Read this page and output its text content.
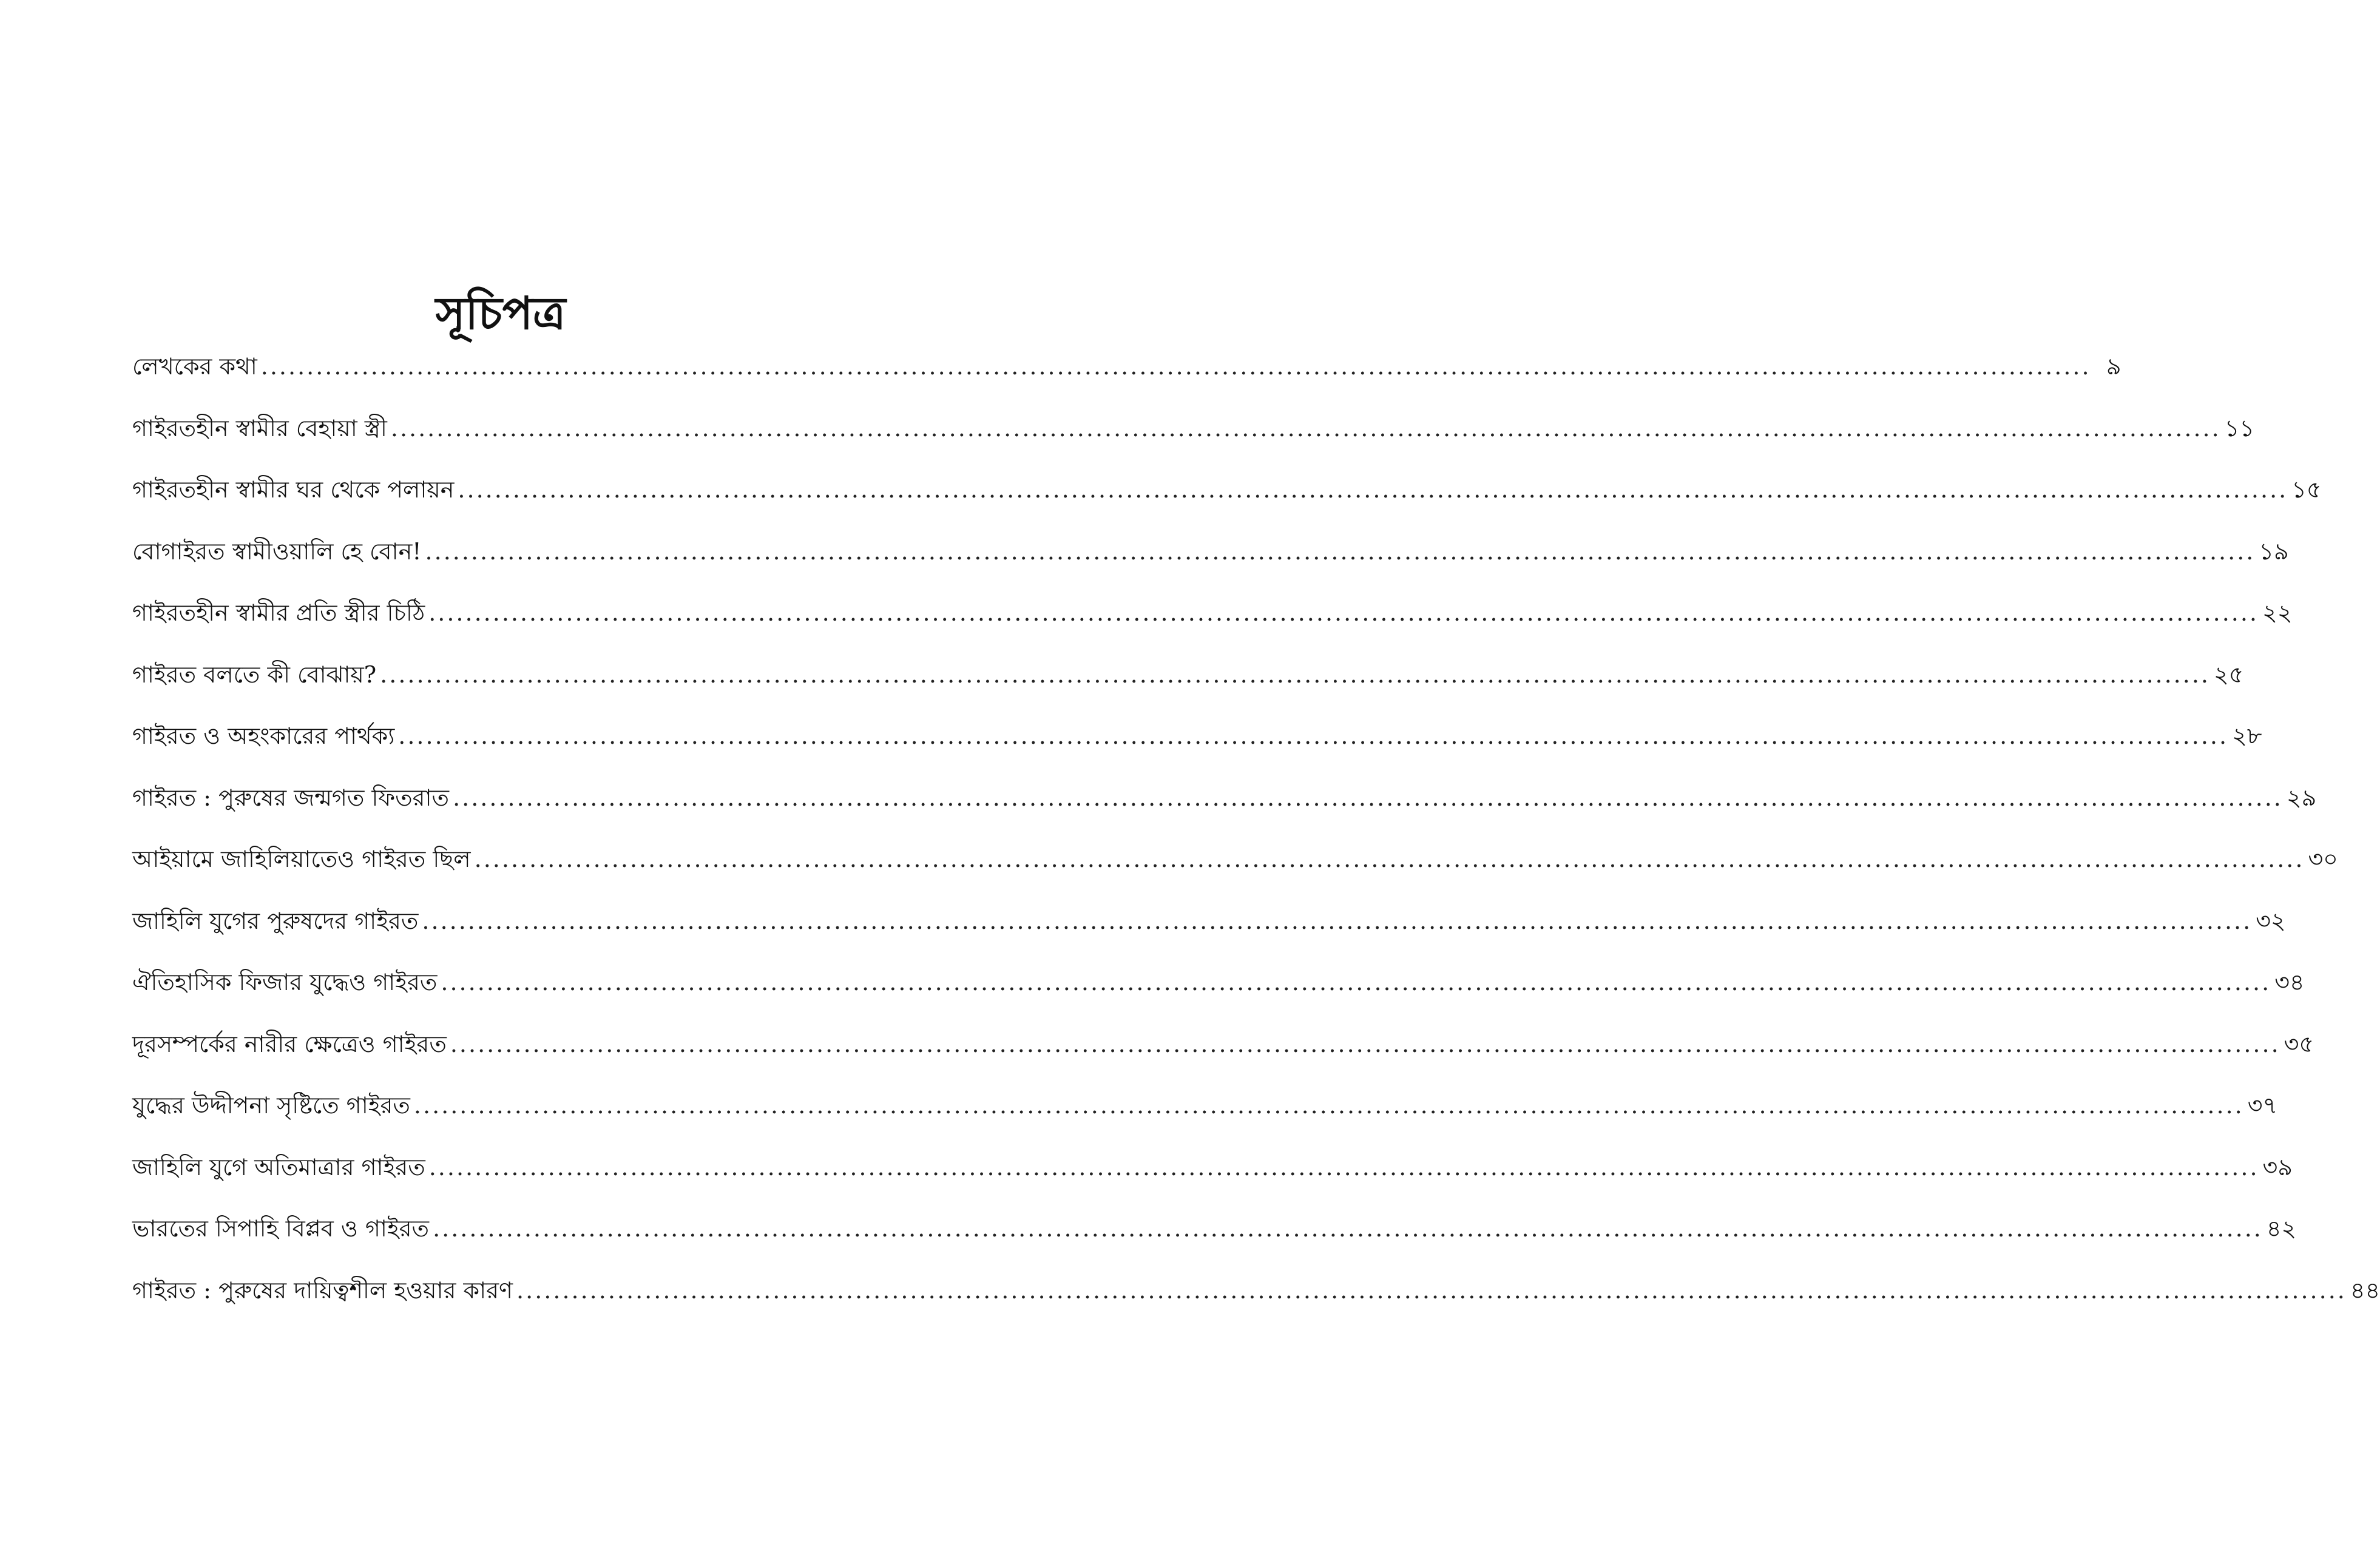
সূচিপত্র
লেখকের কথা ........................................................................................................................................................................................................ ৯
গাইরতহীন স্বামীর বেহায়া স্ত্রী ........................................................................................................................................................................................................ ১১
গাইরতহীন স্বামীর ঘর থেকে পলায়ন ........................................................................................................................................................................................................ ১৫
বোগাইরত স্বামীওয়ালি হে বোন! ........................................................................................................................................................................................................ ১৯
গাইরতহীন স্বামীর প্রতি স্ত্রীর চিঠি ........................................................................................................................................................................................................ ২২
গাইরত বলতে কী বোঝায়? ........................................................................................................................................................................................................ ২৫
গাইরত ও অহংকারের পার্থক্য ........................................................................................................................................................................................................ ২৮
গাইরত : পুরুষের জন্মগত ফিতরাত ........................................................................................................................................................................................................ ২৯
আইয়ামে জাহিলিয়াতেও গাইরত ছিল ........................................................................................................................................................................................................ ৩০
জাহিলি যুগের পুরুষদের গাইরত ........................................................................................................................................................................................................ ৩২
ঐতিহাসিক ফিজার যুদ্ধেও গাইরত ........................................................................................................................................................................................................ ৩৪
দূরসম্পর্কের নারীর ক্ষেত্রেও গাইরত ........................................................................................................................................................................................................ ৩৫
যুদ্ধের উদ্দীপনা সৃষ্টিতে গাইরত ........................................................................................................................................................................................................ ৩৭
জাহিলি যুগে অতিমাত্রার গাইরত ........................................................................................................................................................................................................ ৩৯
ভারতের সিপাহি বিপ্লব ও গাইরত ........................................................................................................................................................................................................ ৪২
গাইরত : পুরুষের দায়িত্বশীল হওয়ার কারণ ........................................................................................................................................................................................................ ৪৪
